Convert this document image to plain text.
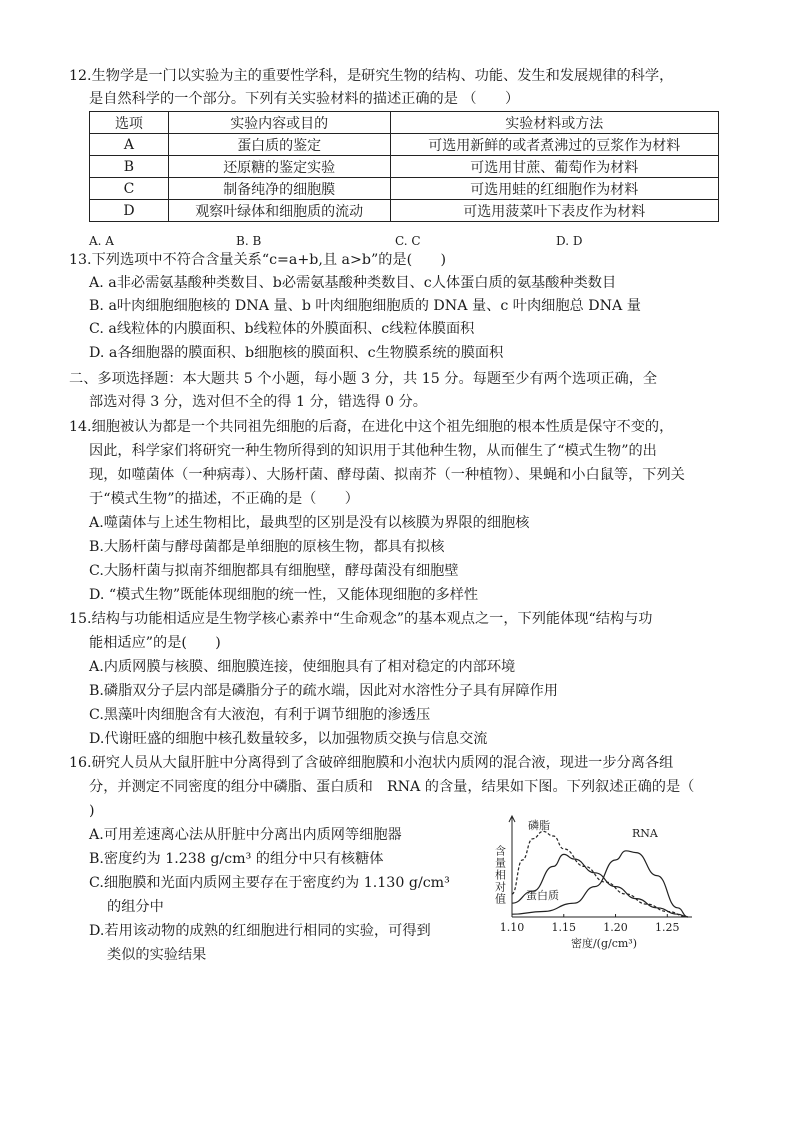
12.生物学是一门以实验为主的重要性学科，是研究生物的结构、功能、发生和发展规律的科学，
是自然科学的一个部分。下列有关实验材料的描述正确的是 （　　）
选项	实验内容或目的	实验材料或方法
A	蛋白质的鉴定	可选用新鲜的或者煮沸过的豆浆作为材料
B	还原糖的鉴定实验	可选用甘蔗、葡萄作为材料
C	制备纯净的细胞膜	可选用蛙的红细胞作为材料
D	观察叶绿体和细胞质的流动	可选用菠菜叶下表皮作为材料
A. A	B. B	C. C	D. D
13.下列选项中不符合含量关系“c=a+b,且 a>b”的是(　　)
A. a非必需氨基酸种类数目、b必需氨基酸种类数目、c人体蛋白质的氨基酸种类数目
B. a叶肉细胞细胞核的 DNA 量、b 叶肉细胞细胞质的 DNA 量、c 叶肉细胞总 DNA 量
C. a线粒体的内膜面积、b线粒体的外膜面积、c线粒体膜面积
D. a各细胞器的膜面积、b细胞核的膜面积、c生物膜系统的膜面积
二、多项选择题：本大题共 5 个小题，每小题 3 分，共 15 分。每题至少有两个选项正确，全
部选对得 3 分，选对但不全的得 1 分，错选得 0 分。
14.细胞被认为都是一个共同祖先细胞的后裔，在进化中这个祖先细胞的根本性质是保守不变的，
因此，科学家们将研究一种生物所得到的知识用于其他种生物，从而催生了“模式生物”的出
现，如噬菌体（一种病毒）、大肠杆菌、酵母菌、拟南芥（一种植物）、果蝇和小白鼠等，下列关
于“模式生物”的描述，不正确的是（　　）
A.噬菌体与上述生物相比，最典型的区别是没有以核膜为界限的细胞核
B.大肠杆菌与酵母菌都是单细胞的原核生物，都具有拟核
C.大肠杆菌与拟南芥细胞都具有细胞壁，酵母菌没有细胞壁
D. “模式生物”既能体现细胞的统一性，又能体现细胞的多样性
15.结构与功能相适应是生物学核心素养中“生命观念”的基本观点之一，下列能体现“结构与功
能相适应”的是(　　)
A.内质网膜与核膜、细胞膜连接，使细胞具有了相对稳定的内部环境
B.磷脂双分子层内部是磷脂分子的疏水端，因此对水溶性分子具有屏障作用
C.黑藻叶肉细胞含有大液泡，有利于调节细胞的渗透压
D.代谢旺盛的细胞中核孔数量较多，以加强物质交换与信息交流
16.研究人员从大鼠肝脏中分离得到了含破碎细胞膜和小泡状内质网的混合液，现进一步分离各组
分，并测定不同密度的组分中磷脂、蛋白质和　RNA 的含量，结果如下图。下列叙述正确的是（
)
A.可用差速离心法从肝脏中分离出内质网等细胞器
B.密度约为 1.238 g/cm³ 的组分中只有核糖体
C.细胞膜和光面内质网主要存在于密度约为 1.130 g/cm³
的组分中
D.若用该动物的成熟的红细胞进行相同的实验，可得到
类似的实验结果
1.10 1.15 1.20 1.25
含量相对值
密度/(g/cm³)
磷脂
蛋白质
RNA
